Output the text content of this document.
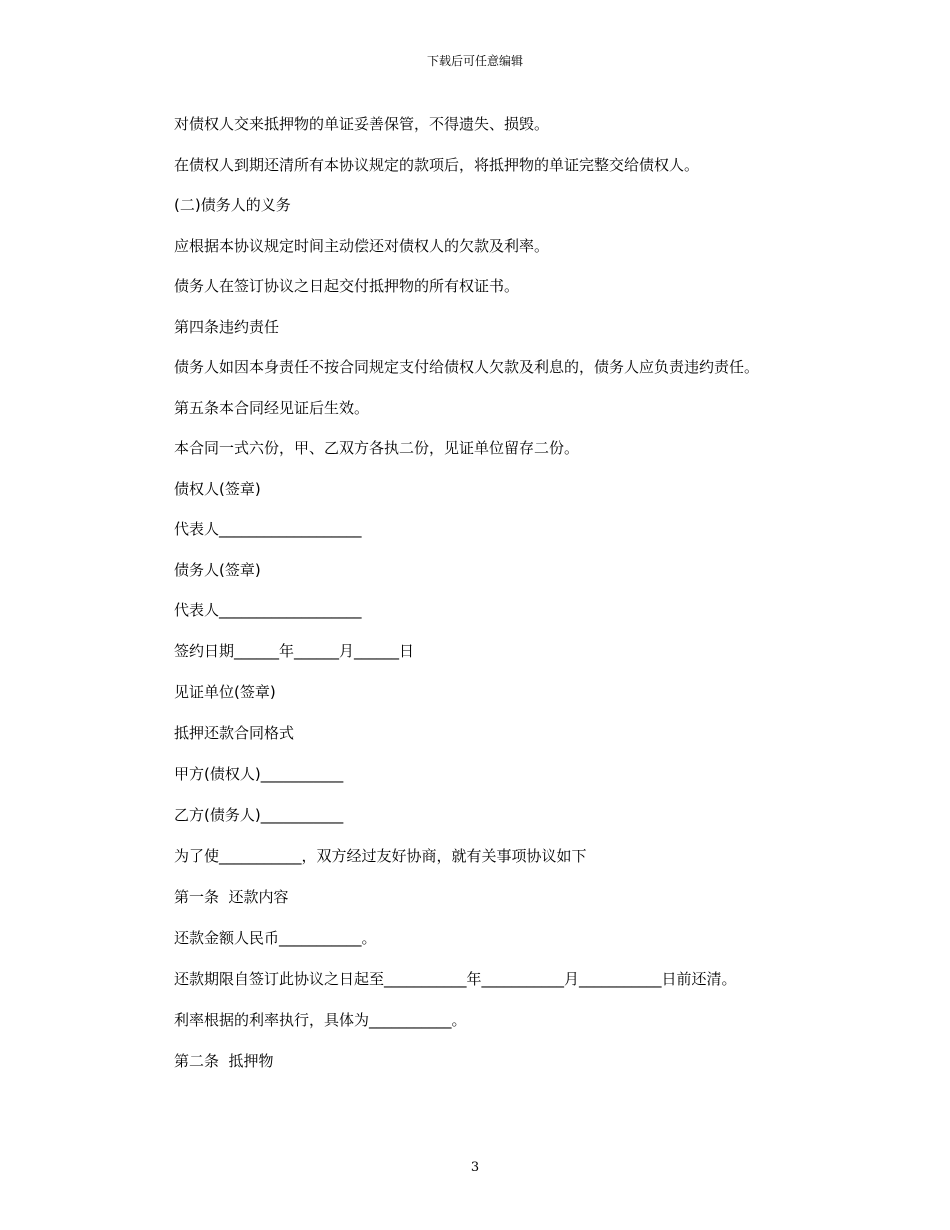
下载后可任意编辑
对债权人交来抵押物的单证妥善保管，不得遗失、损毁。
在债权人到期还清所有本协议规定的款项后，将抵押物的单证完整交给债权人。
(二)债务人的义务
应根据本协议规定时间主动偿还对债权人的欠款及利率。
债务人在签订协议之日起交付抵押物的所有权证书。
第四条违约责任
债务人如因本身责任不按合同规定支付给债权人欠款及利息的，债务人应负责违约责任。
第五条本合同经见证后生效。
本合同一式六份，甲、乙双方各执二份，见证单位留存二份。
债权人(签章)
代表人___________________
债务人(签章)
代表人___________________
签约日期______年______月______日
见证单位(签章)
抵押还款合同格式
甲方(债权人)___________
乙方(债务人)___________
为了使___________，双方经过友好协商，就有关事项协议如下
第一条  还款内容
还款金额人民币___________。
还款期限自签订此协议之日起至___________年___________月___________日前还清。
利率根据的利率执行，具体为___________。
第二条  抵押物
3
